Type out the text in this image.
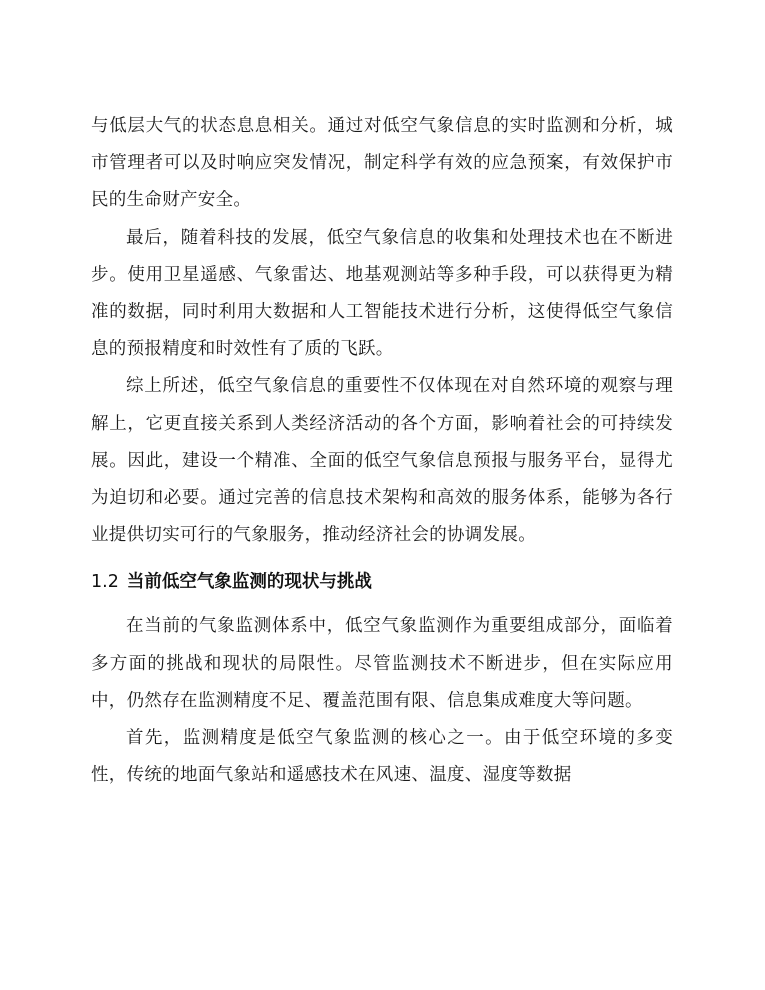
与低层大气的状态息息相关。通过对低空气象信息的实时监测和分析，城市管理者可以及时响应突发情况，制定科学有效的应急预案，有效保护市民的生命财产安全。

最后，随着科技的发展，低空气象信息的收集和处理技术也在不断进步。使用卫星遥感、气象雷达、地基观测站等多种手段，可以获得更为精准的数据，同时利用大数据和人工智能技术进行分析，这使得低空气象信息的预报精度和时效性有了质的飞跃。

综上所述，低空气象信息的重要性不仅体现在对自然环境的观察与理解上，它更直接关系到人类经济活动的各个方面，影响着社会的可持续发展。因此，建设一个精准、全面的低空气象信息预报与服务平台，显得尤为迫切和必要。通过完善的信息技术架构和高效的服务体系，能够为各行业提供切实可行的气象服务，推动经济社会的协调发展。

1.2 当前低空气象监测的现状与挑战

在当前的气象监测体系中，低空气象监测作为重要组成部分，面临着多方面的挑战和现状的局限性。尽管监测技术不断进步，但在实际应用中，仍然存在监测精度不足、覆盖范围有限、信息集成难度大等问题。

首先，监测精度是低空气象监测的核心之一。由于低空环境的多变性，传统的地面气象站和遥感技术在风速、温度、湿度等数据
